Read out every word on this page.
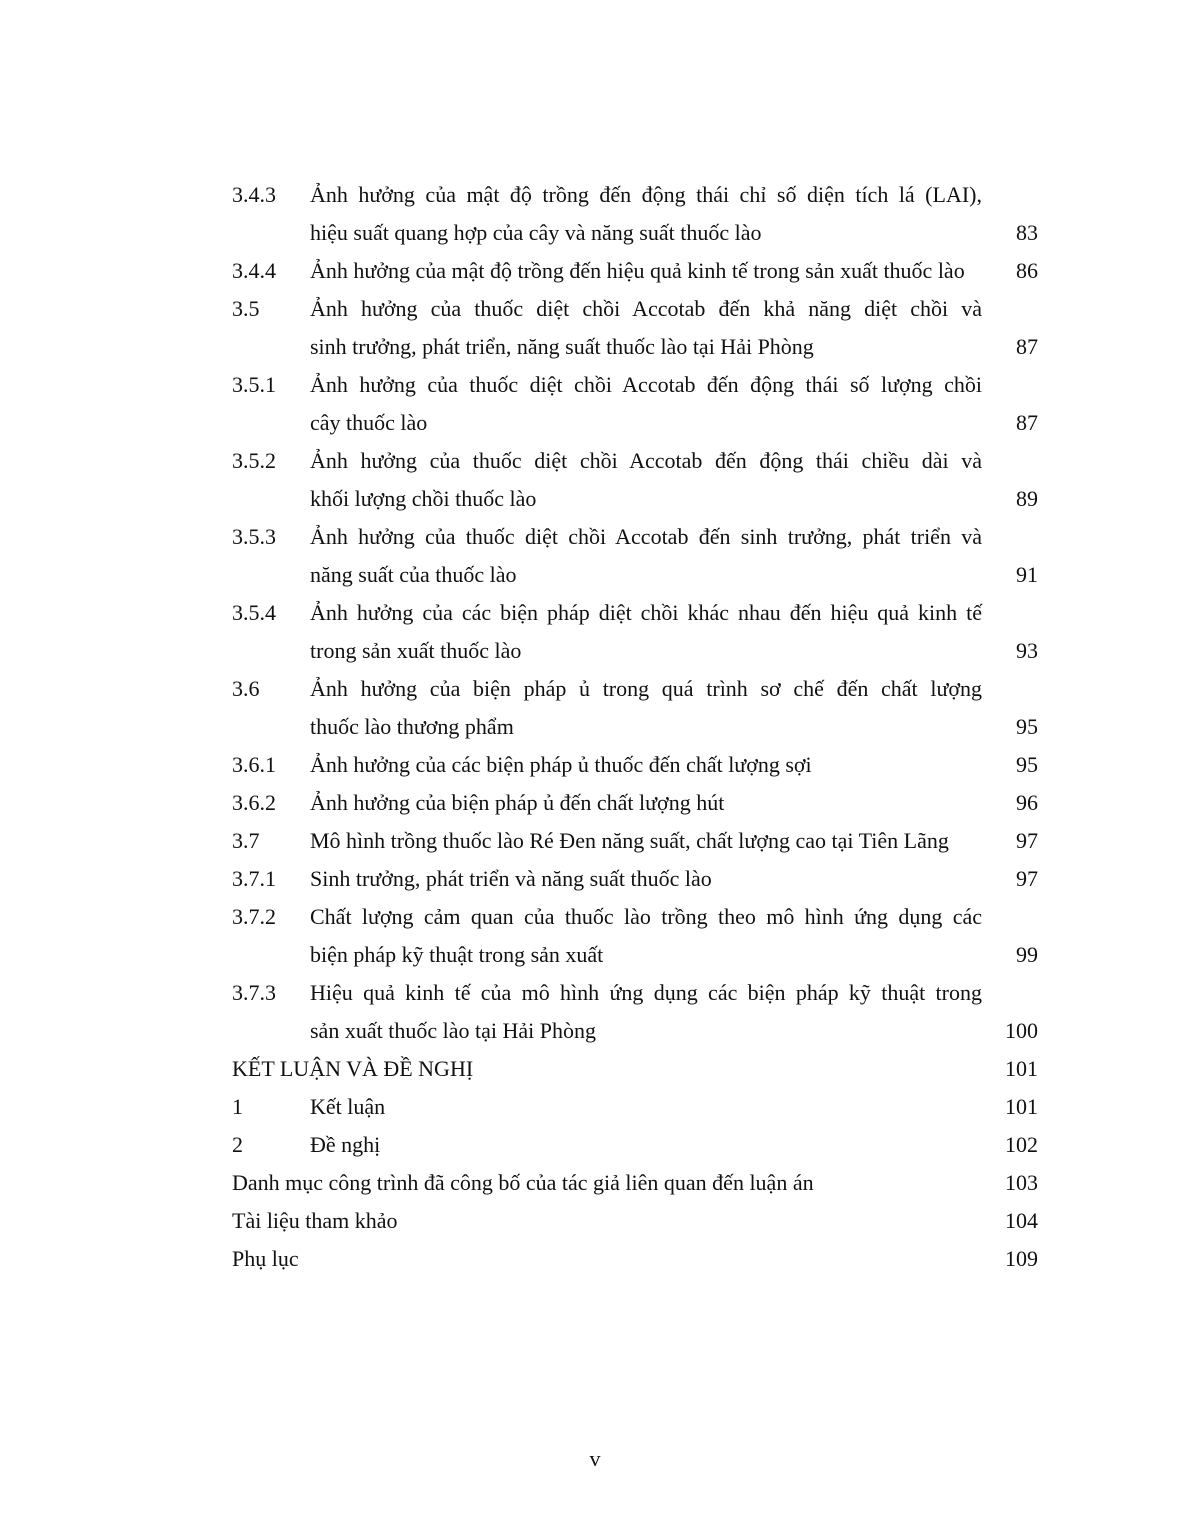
3.4.3	Ảnh hưởng của mật độ trồng đến động thái chỉ số diện tích lá (LAI),
hiệu suất quang hợp của cây và năng suất thuốc lào	83
3.4.4	Ảnh hưởng của mật độ trồng đến hiệu quả kinh tế trong sản xuất thuốc lào	86
3.5	Ảnh hưởng của thuốc diệt chồi Accotab đến khả năng diệt chồi và
sinh trưởng, phát triển, năng suất thuốc lào tại Hải Phòng	87
3.5.1	Ảnh hưởng của thuốc diệt chồi Accotab đến động thái số lượng chồi
cây thuốc lào	87
3.5.2	Ảnh hưởng của thuốc diệt chồi Accotab đến động thái chiều dài và
khối lượng chồi thuốc lào	89
3.5.3	Ảnh hưởng của thuốc diệt chồi Accotab đến sinh trưởng, phát triển và
năng suất của thuốc lào	91
3.5.4	Ảnh hưởng của các biện pháp diệt chồi khác nhau đến hiệu quả kinh tế
trong sản xuất thuốc lào	93
3.6	Ảnh hưởng của biện pháp ủ trong quá trình sơ chế đến chất lượng
thuốc lào thương phẩm	95
3.6.1	Ảnh hưởng của các biện pháp ủ thuốc đến chất lượng sợi	95
3.6.2	Ảnh hưởng của biện pháp ủ đến chất lượng hút	96
3.7	Mô hình trồng thuốc lào Ré Đen năng suất, chất lượng cao tại Tiên Lãng	97
3.7.1	Sinh trưởng, phát triển và năng suất thuốc lào	97
3.7.2	Chất lượng cảm quan của thuốc lào trồng theo mô hình ứng dụng các
biện pháp kỹ thuật trong sản xuất	99
3.7.3	Hiệu quả kinh tế của mô hình ứng dụng các biện pháp kỹ thuật trong
sản xuất thuốc lào tại Hải Phòng	100
KẾT LUẬN VÀ ĐỀ NGHỊ	101
1	Kết luận	101
2	Đề nghị	102
Danh mục công trình đã công bố của tác giả liên quan đến luận án	103
Tài liệu tham khảo	104
Phụ lục	109
v
